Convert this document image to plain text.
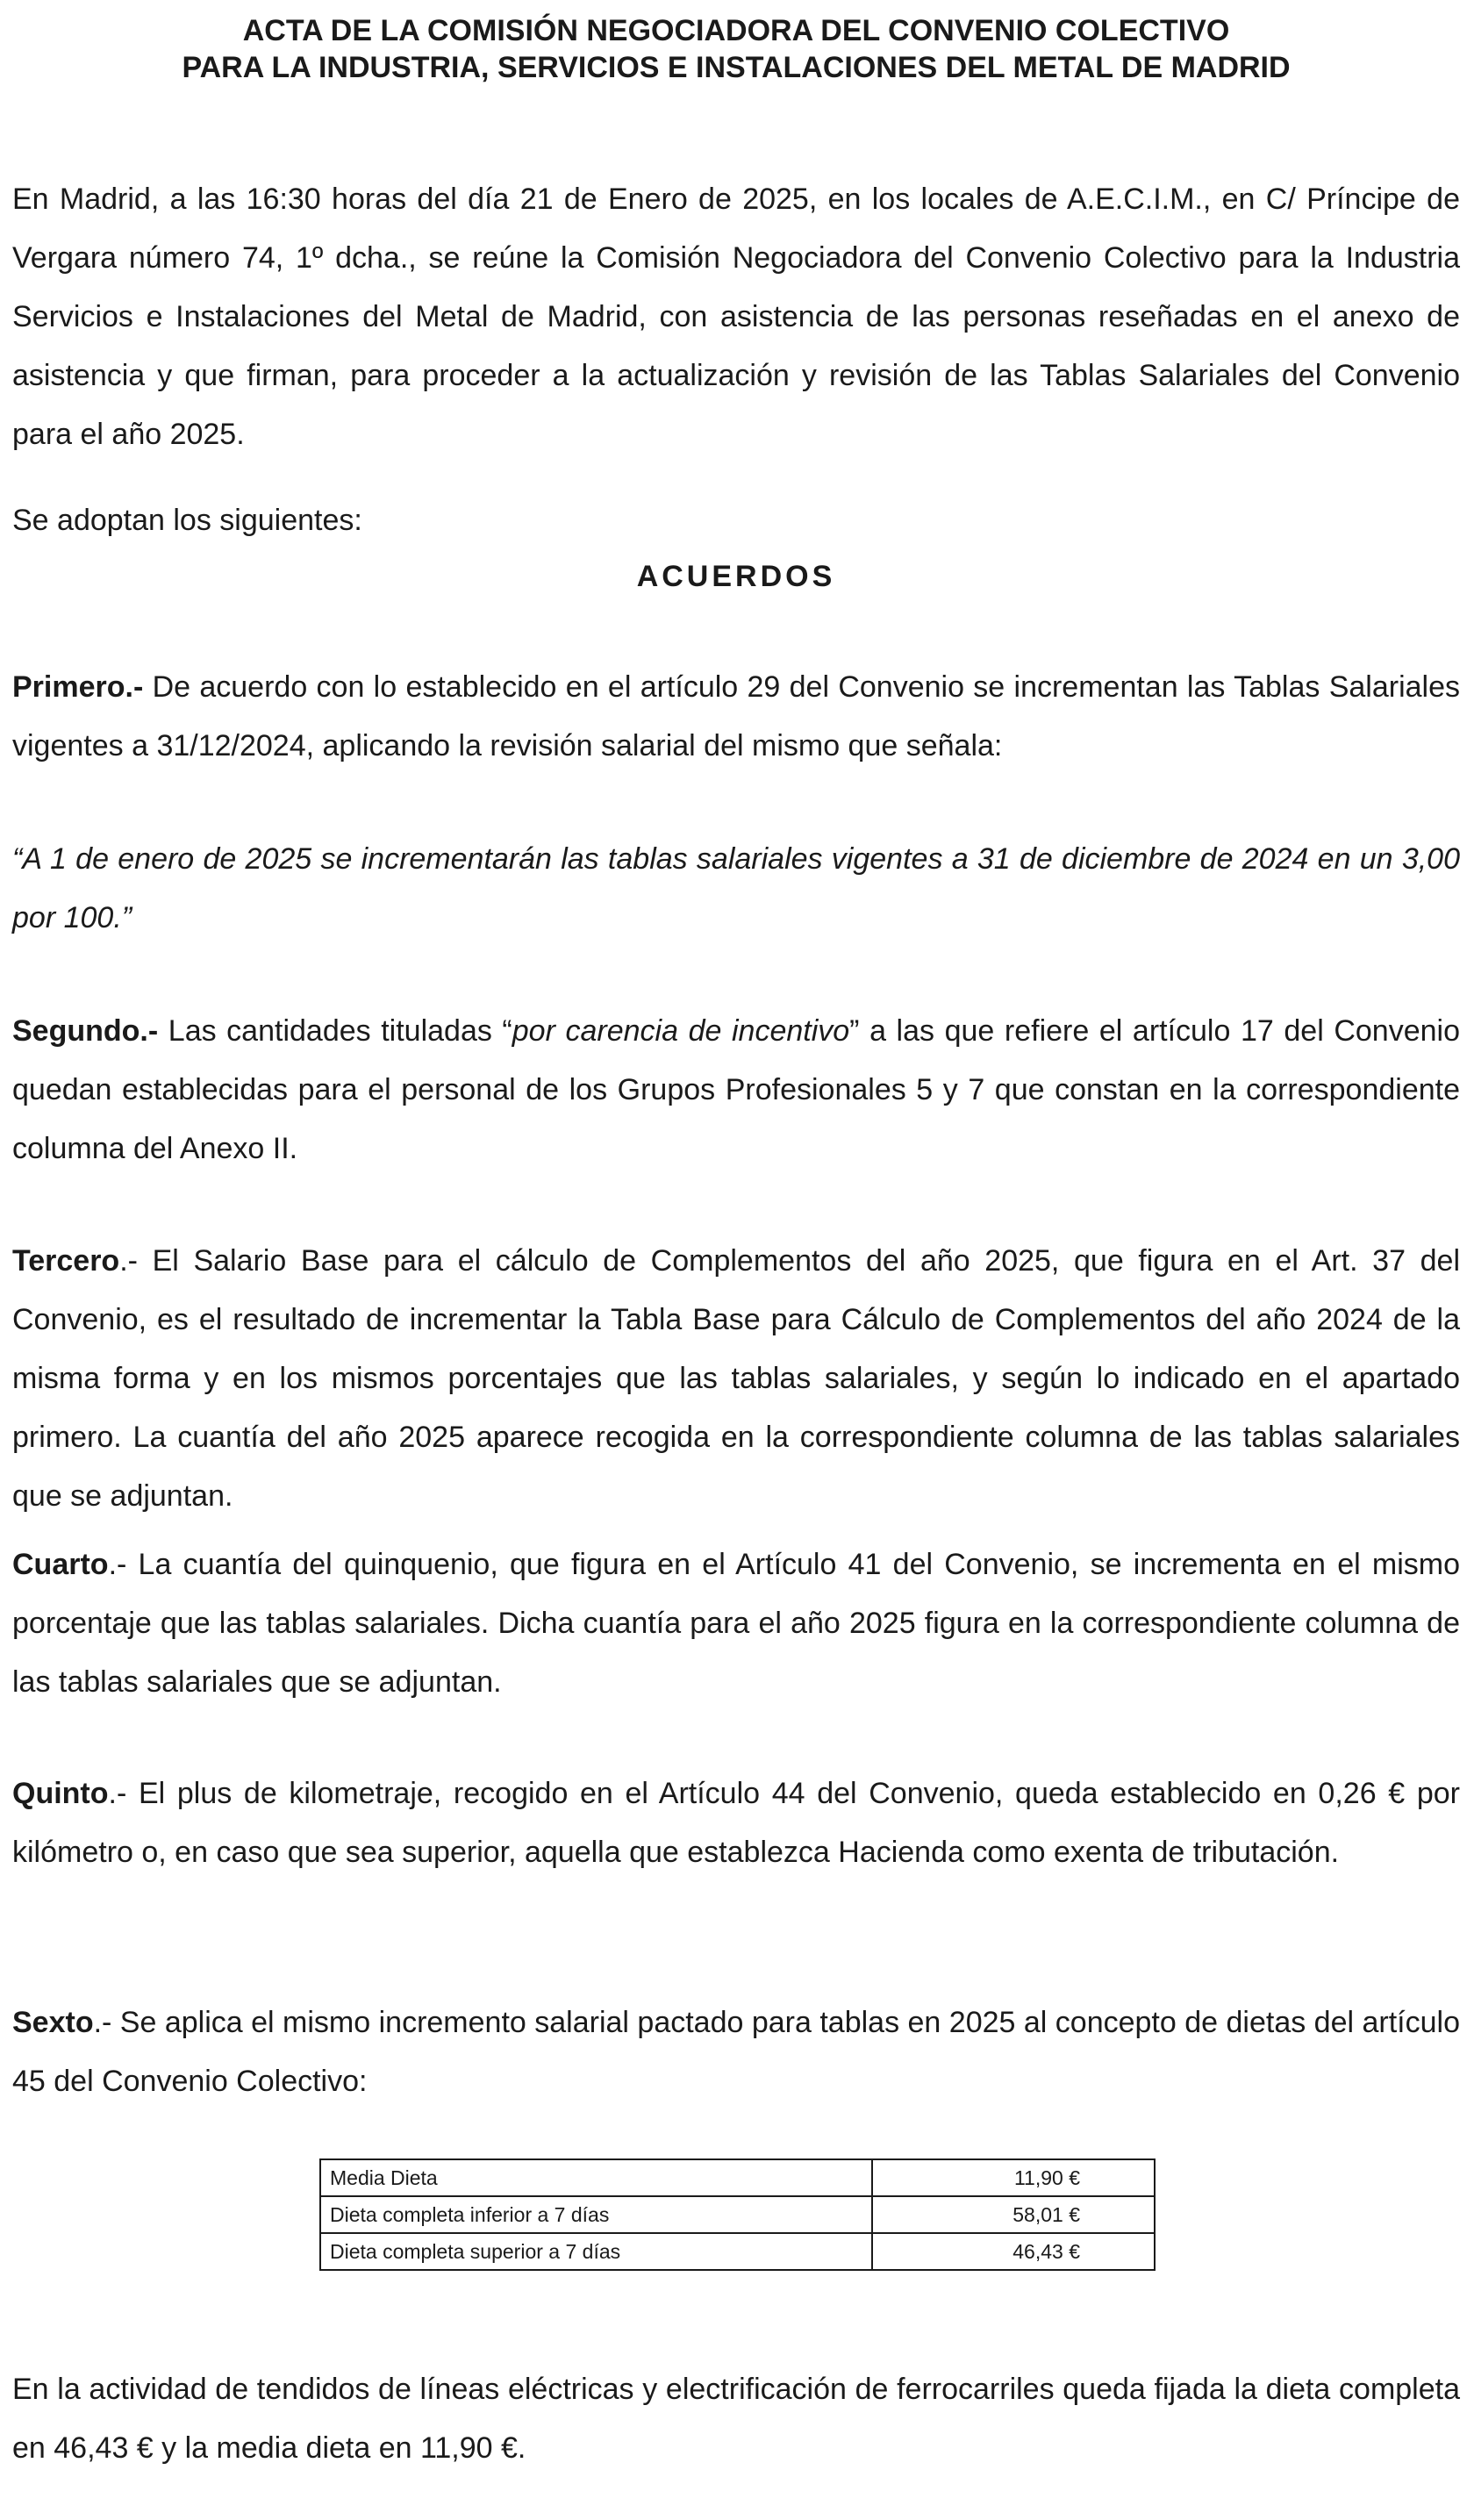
ACTA DE LA COMISIÓN NEGOCIADORA DEL CONVENIO COLECTIVO
PARA LA INDUSTRIA, SERVICIOS E INSTALACIONES DEL METAL DE MADRID

En Madrid, a las 16:30 horas del día 21 de Enero de 2025, en los locales de A.E.C.I.M., en C/ Príncipe de Vergara número 74, 1º dcha., se reúne la Comisión Negociadora del Convenio Colectivo para la Industria Servicios e Instalaciones del Metal de Madrid, con asistencia de las personas reseñadas en el anexo de asistencia y que firman, para proceder a la actualización y revisión de las Tablas Salariales del Convenio para el año 2025.

Se adoptan los siguientes:

ACUERDOS

Primero.- De acuerdo con lo establecido en el artículo 29 del Convenio se incrementan las Tablas Salariales vigentes a 31/12/2024, aplicando la revisión salarial del mismo que señala:

“A 1 de enero de 2025 se incrementarán las tablas salariales vigentes a 31 de diciembre de 2024 en un 3,00 por 100.”

Segundo.- Las cantidades tituladas “por carencia de incentivo” a las que refiere el artículo 17 del Convenio quedan establecidas para el personal de los Grupos Profesionales 5 y 7 que constan en la correspondiente columna del Anexo II.

Tercero.- El Salario Base para el cálculo de Complementos del año 2025, que figura en el Art. 37 del Convenio, es el resultado de incrementar la Tabla Base para Cálculo de Complementos del año 2024 de la misma forma y en los mismos porcentajes que las tablas salariales, y según lo indicado en el apartado primero. La cuantía del año 2025 aparece recogida en la correspondiente columna de las tablas salariales que se adjuntan.

Cuarto.- La cuantía del quinquenio, que figura en el Artículo 41 del Convenio, se incrementa en el mismo porcentaje que las tablas salariales. Dicha cuantía para el año 2025 figura en la correspondiente columna de las tablas salariales que se adjuntan.

Quinto.- El plus de kilometraje, recogido en el Artículo 44 del Convenio, queda establecido en 0,26 € por kilómetro o, en caso que sea superior, aquella que establezca Hacienda como exenta de tributación.

Sexto.- Se aplica el mismo incremento salarial pactado para tablas en 2025 al concepto de dietas del artículo 45 del Convenio Colectivo:

Media Dieta	11,90 €
Dieta completa inferior a 7 días	58,01 €
Dieta completa superior a 7 días	46,43 €

En la actividad de tendidos de líneas eléctricas y electrificación de ferrocarriles queda fijada la dieta completa en 46,43 € y la media dieta en 11,90 €.
